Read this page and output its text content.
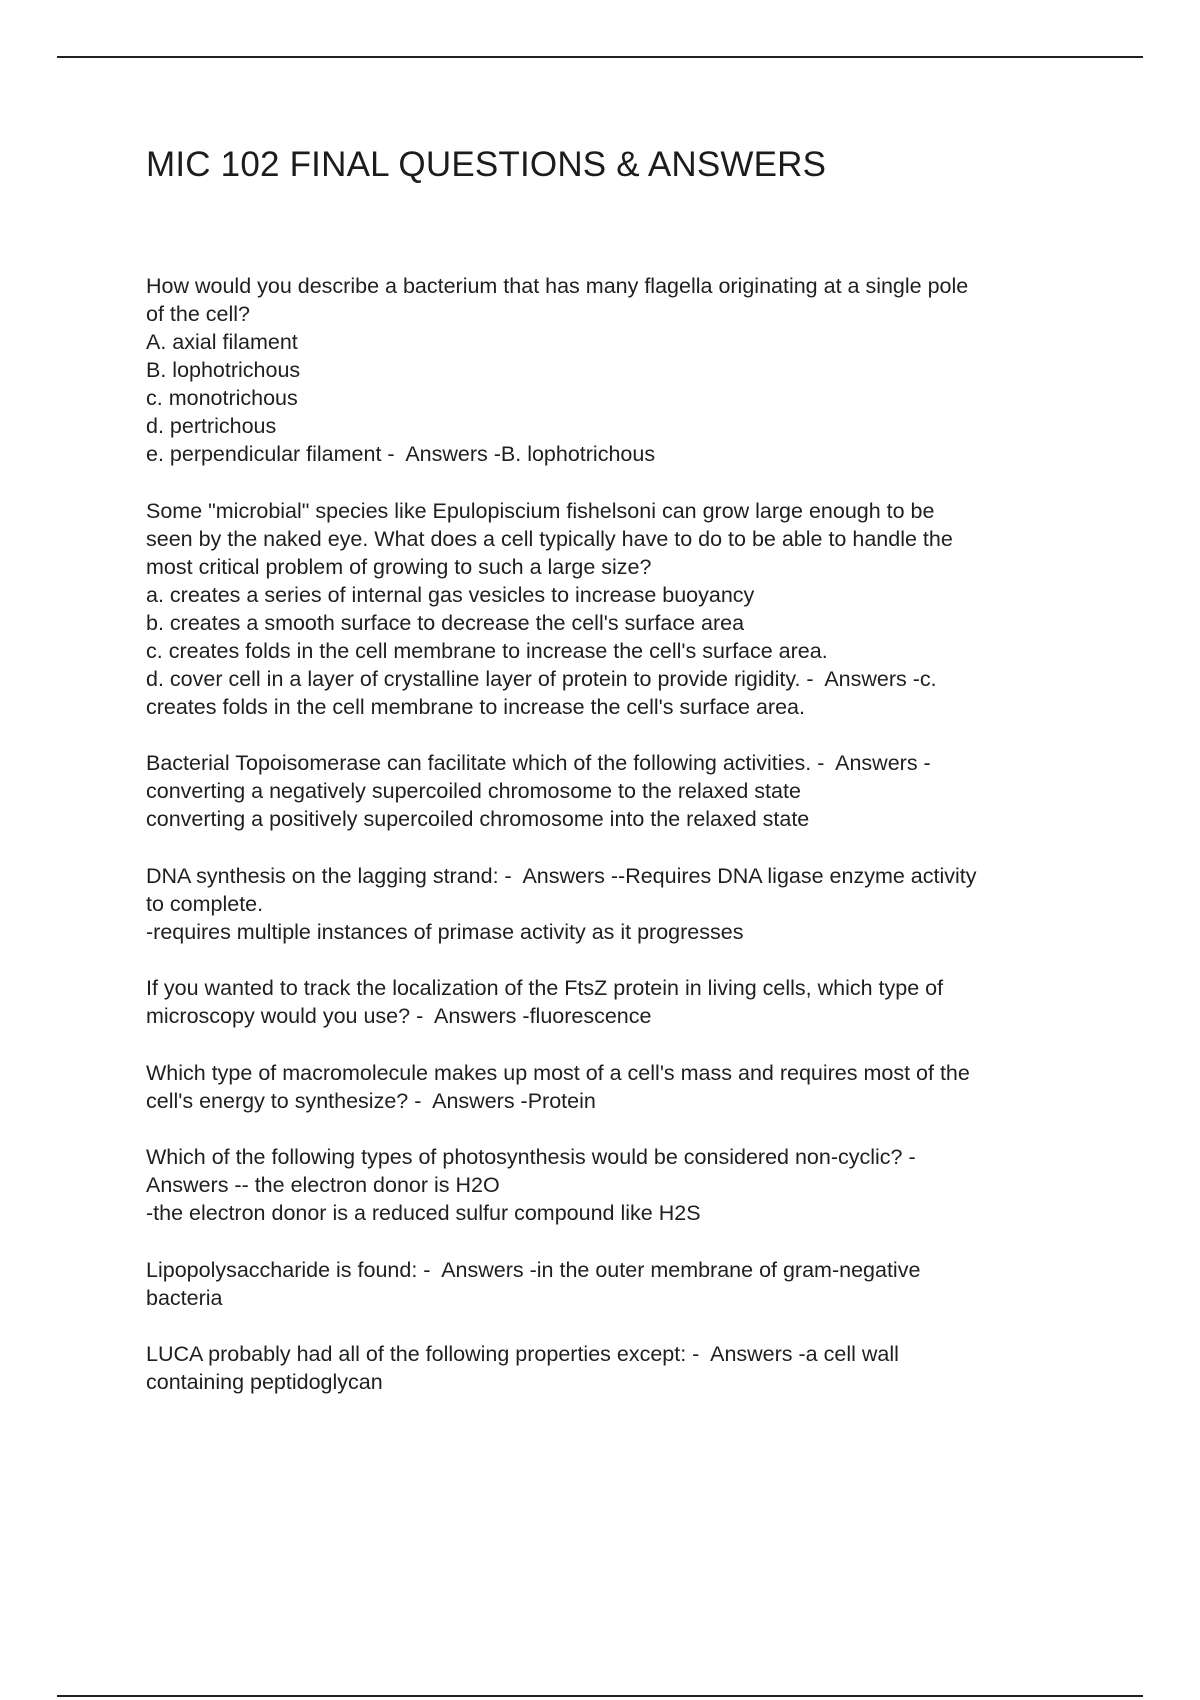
MIC 102 FINAL QUESTIONS & ANSWERS
How would you describe a bacterium that has many flagella originating at a single pole
of the cell?
A. axial filament
B. lophotrichous
c. monotrichous
d. pertrichous
e. perpendicular filament -  Answers -B. lophotrichous
Some "microbial" species like Epulopiscium fishelsoni can grow large enough to be
seen by the naked eye. What does a cell typically have to do to be able to handle the
most critical problem of growing to such a large size?
a. creates a series of internal gas vesicles to increase buoyancy
b. creates a smooth surface to decrease the cell's surface area
c. creates folds in the cell membrane to increase the cell's surface area.
d. cover cell in a layer of crystalline layer of protein to provide rigidity. -  Answers -c.
creates folds in the cell membrane to increase the cell's surface area.
Bacterial Topoisomerase can facilitate which of the following activities. -  Answers -
converting a negatively supercoiled chromosome to the relaxed state
converting a positively supercoiled chromosome into the relaxed state
DNA synthesis on the lagging strand: -  Answers --Requires DNA ligase enzyme activity
to complete.
-requires multiple instances of primase activity as it progresses
If you wanted to track the localization of the FtsZ protein in living cells, which type of
microscopy would you use? -  Answers -fluorescence
Which type of macromolecule makes up most of a cell's mass and requires most of the
cell's energy to synthesize? -  Answers -Protein
Which of the following types of photosynthesis would be considered non-cyclic? -
Answers -- the electron donor is H2O
-the electron donor is a reduced sulfur compound like H2S
Lipopolysaccharide is found: -  Answers -in the outer membrane of gram-negative
bacteria
LUCA probably had all of the following properties except: -  Answers -a cell wall
containing peptidoglycan
